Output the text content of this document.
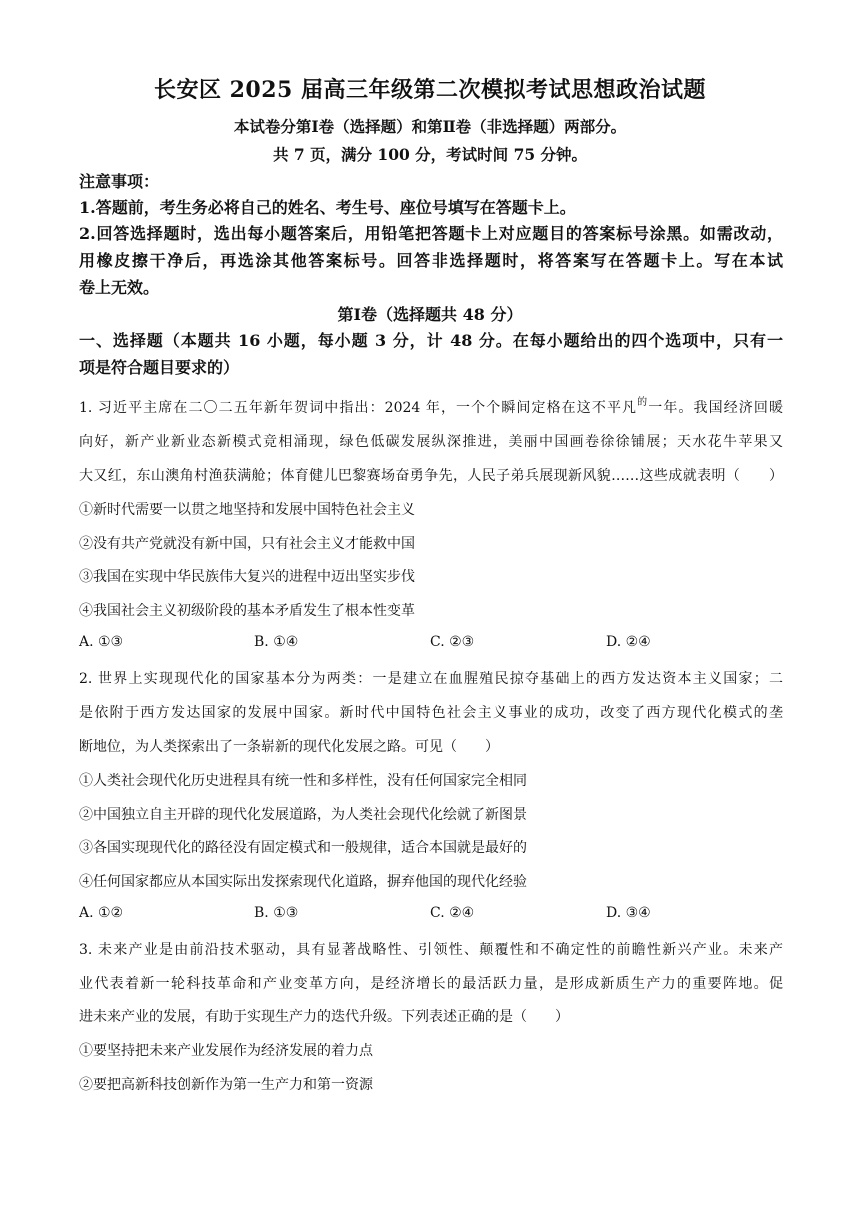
长安区 2025 届高三年级第二次模拟考试思想政治试题
本试卷分第Ⅰ卷（选择题）和第Ⅱ卷（非选择题）两部分。
共 7 页，满分 100 分，考试时间 75 分钟。
注意事项：
1.答题前，考生务必将自己的姓名、考生号、座位号填写在答题卡上。
2.回答选择题时，选出每小题答案后，用铅笔把答题卡上对应题目的答案标号涂黑。如需改动，
用橡皮擦干净后，再选涂其他答案标号。回答非选择题时，将答案写在答题卡上。写在本试
卷上无效。
第Ⅰ卷（选择题共 48 分）
一、选择题（本题共 16 小题，每小题 3 分，计 48 分。在每小题给出的四个选项中，只有一
项是符合题目要求的）
1. 习近平主席在二〇二五年新年贺词中指出：2024 年，一个个瞬间定格在这不平凡$^的$一年。我国经济回暖
向好，新产业新业态新模式竞相涌现，绿色低碳发展纵深推进，美丽中国画卷徐徐铺展；天水花牛苹果又
大又红，东山澳角村渔获满舱；体育健儿巴黎赛场奋勇争先，人民子弟兵展现新风貌……这些成就表明（　　）
①新时代需要一以贯之地坚持和发展中国特色社会主义
②没有共产党就没有新中国，只有社会主义才能救中国
③我国在实现中华民族伟大复兴的进程中迈出坚实步伐
④我国社会主义初级阶段的基本矛盾发生了根本性变革
A. ①③	B. ①④	C. ②③	D. ②④
2. 世界上实现现代化的国家基本分为两类：一是建立在血腥殖民掠夺基础上的西方发达资本主义国家；二
是依附于西方发达国家的发展中国家。新时代中国特色社会主义事业的成功，改变了西方现代化模式的垄
断地位，为人类探索出了一条崭新的现代化发展之路。可见（　　）
①人类社会现代化历史进程具有统一性和多样性，没有任何国家完全相同
②中国独立自主开辟的现代化发展道路，为人类社会现代化绘就了新图景
③各国实现现代化的路径没有固定模式和一般规律，适合本国就是最好的
④任何国家都应从本国实际出发探索现代化道路，摒弃他国的现代化经验
A. ①②	B. ①③	C. ②④	D. ③④
3. 未来产业是由前沿技术驱动，具有显著战略性、引领性、颠覆性和不确定性的前瞻性新兴产业。未来产
业代表着新一轮科技革命和产业变革方向，是经济增长的最活跃力量，是形成新质生产力的重要阵地。促
进未来产业的发展，有助于实现生产力的迭代升级。下列表述正确的是（　　）
①要坚持把未来产业发展作为经济发展的着力点
②要把高新科技创新作为第一生产力和第一资源
